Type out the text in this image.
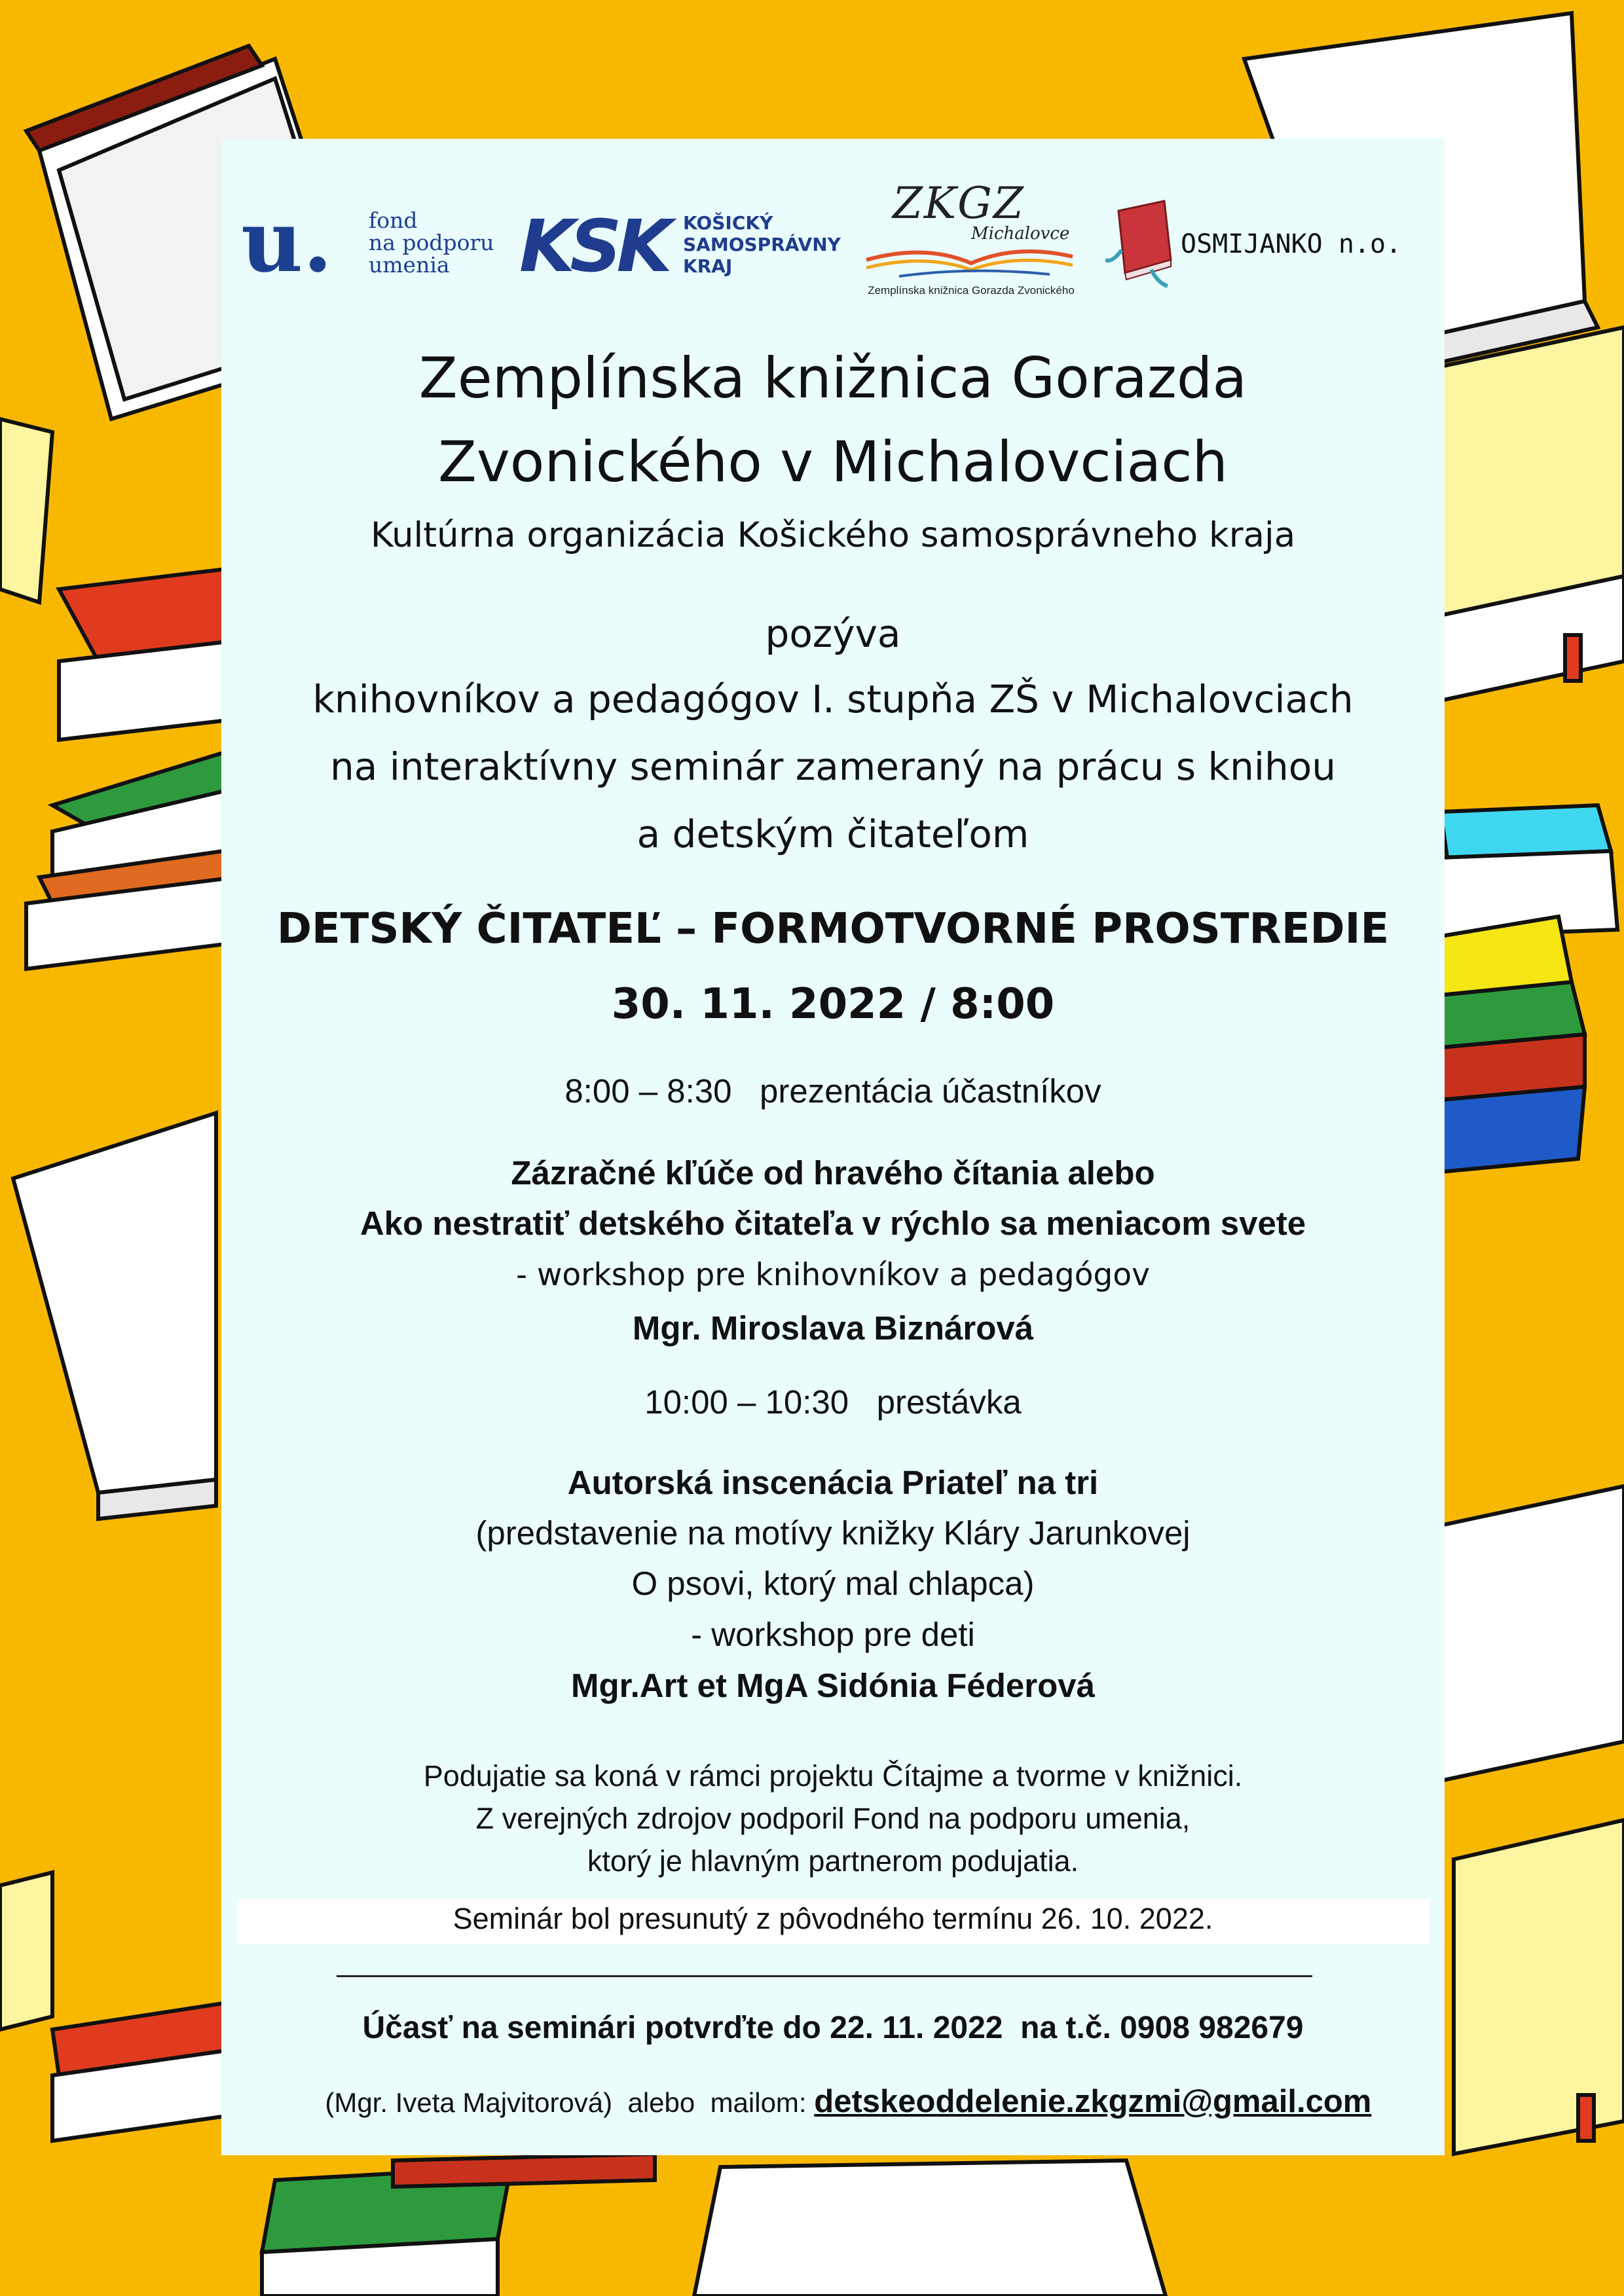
u. fond
na podporu
umenia KSK KOŠICKÝ
SAMOSPRÁVNY
KRAJ
ZKGZ
Michalovce
Zemplínska knižnica Gorazda Zvonického
OSMIJANKO n.o.
Zemplínska knižnica Gorazda
Zvonického v Michalovciach
Kultúrna organizácia Košického samosprávneho kraja
pozýva
knihovníkov a pedagógov I. stupňa ZŠ v Michalovciach
na interaktívny seminár zameraný na prácu s knihou
a detským čitateľom
DETSKÝ ČITATEĽ – FORMOTVORNÉ PROSTREDIE
30. 11. 2022 / 8:00
8:00 – 8:30   prezentácia účastníkov
Zázračné kľúče od hravého čítania alebo
Ako nestratiť detského čitateľa v rýchlo sa meniacom svete
- workshop pre knihovníkov a pedagógov
Mgr. Miroslava Biznárová
10:00 – 10:30   prestávka
Autorská inscenácia Priateľ na tri
(predstavenie na motívy knižky Kláry Jarunkovej
O psovi, ktorý mal chlapca)
- workshop pre deti
Mgr.Art et MgA Sidónia Féderová
Podujatie sa koná v rámci projektu Čítajme a tvorme v knižnici.
Z verejných zdrojov podporil Fond na podporu umenia,
ktorý je hlavným partnerom podujatia.
Seminár bol presunutý z pôvodného termínu 26. 10. 2022.
Účasť na seminári potvrďte do 22. 11. 2022  na t.č. 0908 982679

(Mgr. Iveta Majvitorová)  alebo  mailom: detskeoddelenie.zkgzmi@gmail.com
